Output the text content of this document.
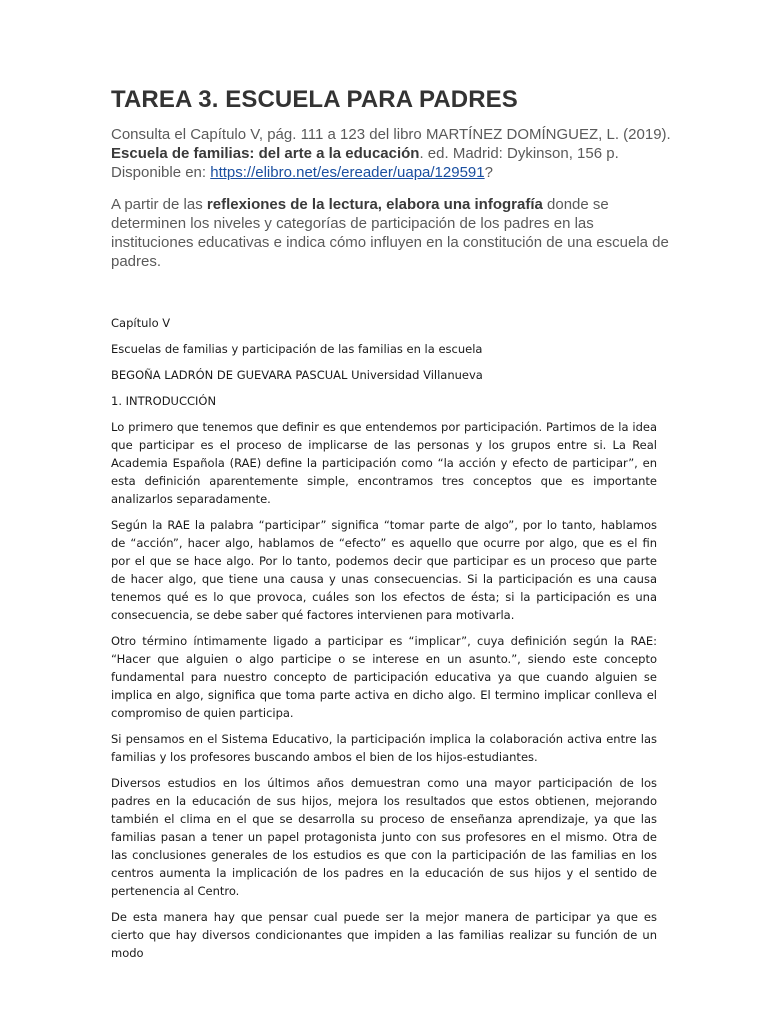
TAREA 3. ESCUELA PARA PADRES

Consulta el Capítulo V, pág. 111 a 123 del libro MARTÍNEZ DOMÍNGUEZ, L. (2019). Escuela de familias: del arte a la educación. ed. Madrid: Dykinson, 156 p. Disponible en: https://elibro.net/es/ereader/uapa/129591?

A partir de las reflexiones de la lectura, elabora una infografía donde se determinen los niveles y categorías de participación de los padres en las instituciones educativas e indica cómo influyen en la constitución de una escuela de padres.

Capítulo V

Escuelas de familias y participación de las familias en la escuela

BEGOÑA LADRÓN DE GUEVARA PASCUAL Universidad Villanueva

1. INTRODUCCIÓN

Lo primero que tenemos que definir es que entendemos por participación. Partimos de la idea que participar es el proceso de implicarse de las personas y los grupos entre si. La Real Academia Española (RAE) define la participación como “la acción y efecto de participar”, en esta definición aparentemente simple, encontramos tres conceptos que es importante analizarlos separadamente.

Según la RAE la palabra “participar” significa “tomar parte de algo”, por lo tanto, hablamos de “acción”, hacer algo, hablamos de “efecto” es aquello que ocurre por algo, que es el fin por el que se hace algo. Por lo tanto, podemos decir que participar es un proceso que parte de hacer algo, que tiene una causa y unas consecuencias. Si la participación es una causa tenemos qué es lo que provoca, cuáles son los efectos de ésta; si la participación es una consecuencia, se debe saber qué factores intervienen para motivarla.

Otro término íntimamente ligado a participar es “implicar”, cuya definición según la RAE: “Hacer que alguien o algo participe o se interese en un asunto.”, siendo este concepto fundamental para nuestro concepto de participación educativa ya que cuando alguien se implica en algo, significa que toma parte activa en dicho algo. El termino implicar conlleva el compromiso de quien participa.

Si pensamos en el Sistema Educativo, la participación implica la colaboración activa entre las familias y los profesores buscando ambos el bien de los hijos-estudiantes.

Diversos estudios en los últimos años demuestran como una mayor participación de los padres en la educación de sus hijos, mejora los resultados que estos obtienen, mejorando también el clima en el que se desarrolla su proceso de enseñanza aprendizaje, ya que las familias pasan a tener un papel protagonista junto con sus profesores en el mismo. Otra de las conclusiones generales de los estudios es que con la participación de las familias en los centros aumenta la implicación de los padres en la educación de sus hijos y el sentido de pertenencia al Centro.

De esta manera hay que pensar cual puede ser la mejor manera de participar ya que es cierto que hay diversos condicionantes que impiden a las familias realizar su función de un modo
